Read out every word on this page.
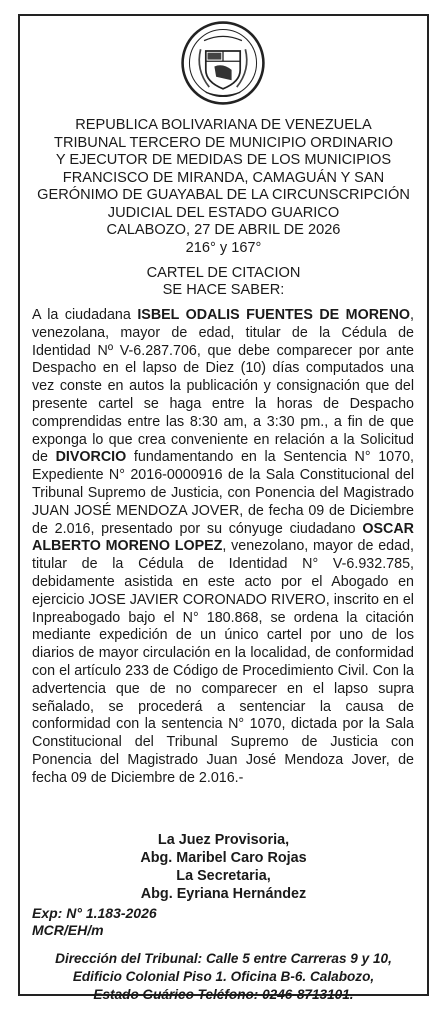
REPUBLICA BOLIVARIANA DE VENEZUELA
TRIBUNAL TERCERO DE MUNICIPIO ORDINARIO
Y EJECUTOR DE MEDIDAS DE LOS MUNICIPIOS
FRANCISCO DE MIRANDA, CAMAGUÁN Y SAN
GERÓNIMO DE GUAYABAL DE LA CIRCUNSCRIPCIÓN
JUDICIAL DEL ESTADO GUARICO
CALABOZO, 27 DE ABRIL DE 2026
216° y 167°
CARTEL DE CITACION
SE HACE SABER:
A la ciudadana ISBEL ODALIS FUENTES DE MORENO, venezolana, mayor de edad, titular de la Cédula de Identidad Nº V-6.287.706, que debe comparecer por ante Despacho en el lapso de Diez (10) días computados una vez conste en autos la publicación y consignación que del presente cartel se haga entre la horas de Despacho comprendidas entre las 8:30 am, a 3:30 pm., a fin de que exponga lo que crea conveniente en relación a la Solicitud de DIVORCIO fundamentando en la Sentencia N° 1070, Expediente N° 2016-0000916 de la Sala Constitucional del Tribunal Supremo de Justicia, con Ponencia del Magistrado JUAN JOSÉ MENDOZA JOVER, de fecha 09 de Diciembre de 2.016, presentado por su cónyuge ciudadano OSCAR ALBERTO MORENO LOPEZ, venezolano, mayor de edad, titular de la Cédula de Identidad N° V-6.932.785, debidamente asistida en este acto por el Abogado en ejercicio JOSE JAVIER CORONADO RIVERO, inscrito en el Inpreabogado bajo el N° 180.868, se ordena la citación mediante expedición de un único cartel por uno de los diarios de mayor circulación en la localidad, de conformidad con el artículo 233 de Código de Procedimiento Civil. Con la advertencia que de no comparecer en el lapso supra señalado, se procederá a sentenciar la causa de conformidad con la sentencia N° 1070, dictada por la Sala Constitucional del Tribunal Supremo de Justicia con Ponencia del Magistrado Juan José Mendoza Jover, de fecha 09 de Diciembre de 2.016.-
La Juez Provisoria,
Abg. Maribel Caro Rojas
La Secretaria,
Abg. Eyriana Hernández
Exp: N° 1.183-2026
MCR/EH/m
Dirección del Tribunal: Calle 5 entre Carreras 9 y 10,
Edificio Colonial Piso 1. Oficina B-6. Calabozo,
Estado Guárico Teléfono: 0246-8713101.
